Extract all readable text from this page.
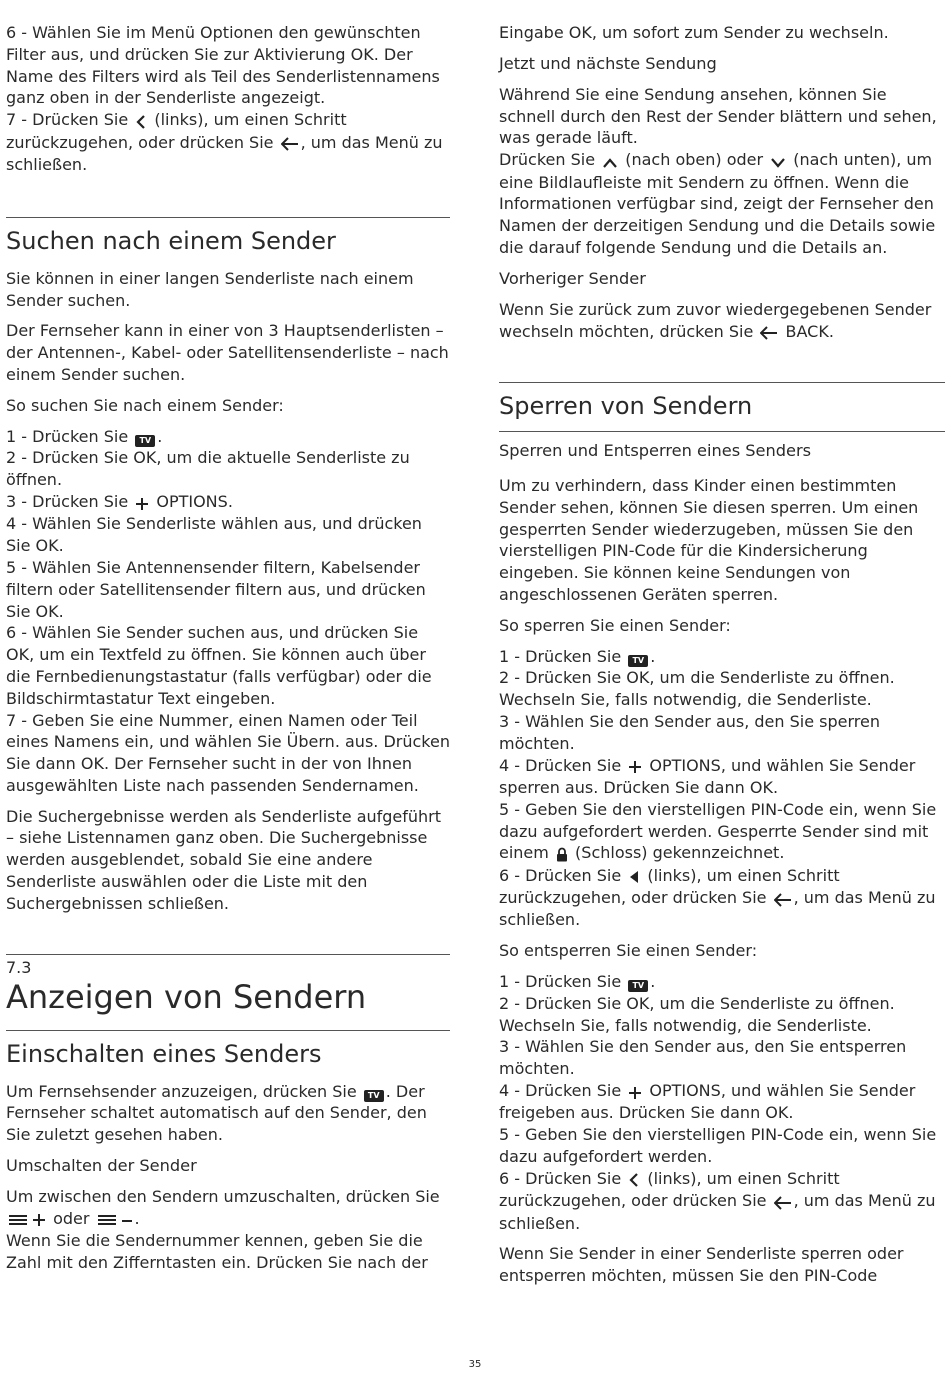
6 - Wählen Sie im Menü Optionen den gewünschten Filter aus, und drücken Sie zur Aktivierung OK. Der Name des Filters wird als Teil des Senderlistennamens ganz oben in der Senderliste angezeigt.
7 - Drücken Sie  (links), um einen Schritt zurückzugehen, oder drücken Sie , um das Menü zu schließen.

Suchen nach einem Sender

Sie können in einer langen Senderliste nach einem Sender suchen.

Der Fernseher kann in einer von 3 Hauptsenderlisten – der Antennen-, Kabel- oder Satellitensenderliste – nach einem Sender suchen.

So suchen Sie nach einem Sender:

1 - Drücken Sie TV .
2 - Drücken Sie OK, um die aktuelle Senderliste zu öffnen.
3 - Drücken Sie  OPTIONS.
4 - Wählen Sie Senderliste wählen aus, und drücken Sie OK.
5 - Wählen Sie Antennensender filtern, Kabelsender filtern oder Satellitensender filtern aus, und drücken Sie OK.
6 - Wählen Sie Sender suchen aus, und drücken Sie OK, um ein Textfeld zu öffnen. Sie können auch über die Fernbedienungstastatur (falls verfügbar) oder die Bildschirmtastatur Text eingeben.
7 - Geben Sie eine Nummer, einen Namen oder Teil eines Namens ein, und wählen Sie Übern. aus. Drücken Sie dann OK. Der Fernseher sucht in der von Ihnen ausgewählten Liste nach passenden Sendernamen.

Die Suchergebnisse werden als Senderliste aufgeführt – siehe Listennamen ganz oben. Die Suchergebnisse werden ausgeblendet, sobald Sie eine andere Senderliste auswählen oder die Liste mit den Suchergebnissen schließen.

7.3
Anzeigen von Sendern
Einschalten eines Senders

Um Fernsehsender anzuzeigen, drücken Sie TV . Der Fernseher schaltet automatisch auf den Sender, den Sie zuletzt gesehen haben.

Umschalten der Sender

Um zwischen den Sendern umzuschalten, drücken Sie  oder	.
Wenn Sie die Sendernummer kennen, geben Sie die Zahl mit den Zifferntasten ein. Drücken Sie nach der

Eingabe OK, um sofort zum Sender zu wechseln.

Jetzt und nächste Sendung

Während Sie eine Sendung ansehen, können Sie schnell durch den Rest der Sender blättern und sehen, was gerade läuft.
Drücken Sie  (nach oben) oder  (nach unten), um eine Bildlaufleiste mit Sendern zu öffnen. Wenn die Informationen verfügbar sind, zeigt der Fernseher den Namen der derzeitigen Sendung und die Details sowie die darauf folgende Sendung und die Details an.

Vorheriger Sender

Wenn Sie zurück zum zuvor wiedergegebenen Sender wechseln möchten, drücken Sie  BACK.

Sperren von Sendern
Sperren und Entsperren eines Senders

Um zu verhindern, dass Kinder einen bestimmten Sender sehen, können Sie diesen sperren. Um einen gesperrten Sender wiederzugeben, müssen Sie den vierstelligen PIN-Code für die Kindersicherung eingeben. Sie können keine Sendungen von angeschlossenen Geräten sperren.

So sperren Sie einen Sender:

1 - Drücken Sie TV .
2 - Drücken Sie OK, um die Senderliste zu öffnen. Wechseln Sie, falls notwendig, die Senderliste.
3 - Wählen Sie den Sender aus, den Sie sperren möchten.
4 - Drücken Sie  OPTIONS, und wählen Sie Sender sperren aus. Drücken Sie dann OK.
5 - Geben Sie den vierstelligen PIN-Code ein, wenn Sie dazu aufgefordert werden. Gesperrte Sender sind mit einem  (Schloss) gekennzeichnet.
6 - Drücken Sie  (links), um einen Schritt zurückzugehen, oder drücken Sie , um das Menü zu schließen.

So entsperren Sie einen Sender:

1 - Drücken Sie TV .
2 - Drücken Sie OK, um die Senderliste zu öffnen. Wechseln Sie, falls notwendig, die Senderliste.
3 - Wählen Sie den Sender aus, den Sie entsperren möchten.
4 - Drücken Sie  OPTIONS, und wählen Sie Sender freigeben aus. Drücken Sie dann OK.
5 - Geben Sie den vierstelligen PIN-Code ein, wenn Sie dazu aufgefordert werden.
6 - Drücken Sie  (links), um einen Schritt zurückzugehen, oder drücken Sie , um das Menü zu schließen.

Wenn Sie Sender in einer Senderliste sperren oder entsperren möchten, müssen Sie den PIN-Code

35
